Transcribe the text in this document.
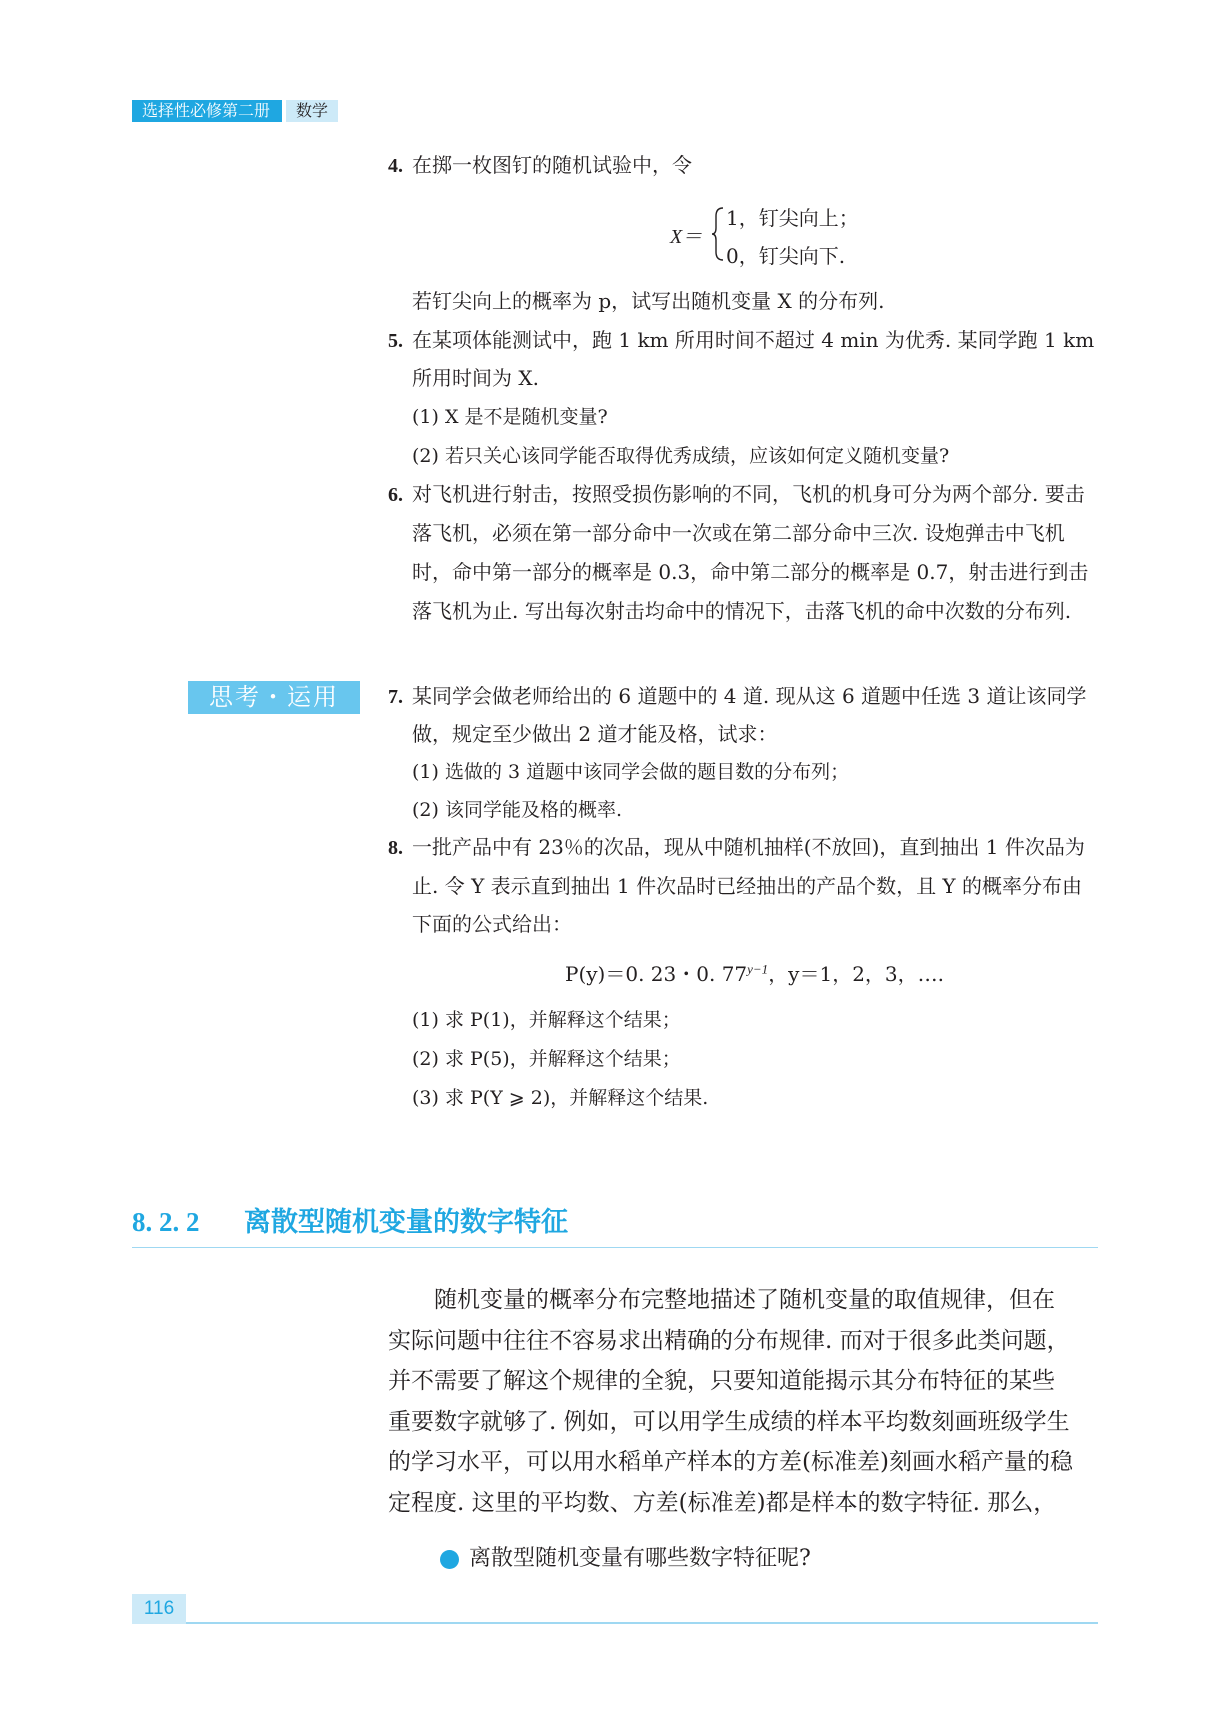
选择性必修第二册	数学
4. 在掷一枚图钉的随机试验中，令
X＝
1，钉尖向上；
0，钉尖向下.
若钉尖向上的概率为 p，试写出随机变量 X 的分布列.
5. 在某项体能测试中，跑 1 km 所用时间不超过 4 min 为优秀. 某同学跑 1 km
所用时间为 X.
(1) X 是不是随机变量?
(2) 若只关心该同学能否取得优秀成绩，应该如何定义随机变量?
6. 对飞机进行射击，按照受损伤影响的不同，飞机的机身可分为两个部分. 要击
落飞机，必须在第一部分命中一次或在第二部分命中三次. 设炮弹击中飞机
时，命中第一部分的概率是 0.3，命中第二部分的概率是 0.7，射击进行到击
落飞机为止. 写出每次射击均命中的情况下，击落飞机的命中次数的分布列.
思考・运用	7. 某同学会做老师给出的 6 道题中的 4 道. 现从这 6 道题中任选 3 道让该同学
做，规定至少做出 2 道才能及格，试求：
(1) 选做的 3 道题中该同学会做的题目数的分布列；
(2) 该同学能及格的概率.
8. 一批产品中有 23％的次品，现从中随机抽样(不放回)，直到抽出 1 件次品为
止. 令 Y 表示直到抽出 1 件次品时已经抽出的产品个数，且 Y 的概率分布由
下面的公式给出：
P(y)＝0. 23・0. $77^{y-1}$，y＝1，2，3，….
(1) 求 P(1)，并解释这个结果；
(2) 求 P(5)，并解释这个结果；
(3) 求 P(Y ⩾ 2)，并解释这个结果.
8. 2. 2 离散型随机变量的数字特征
　　随机变量的概率分布完整地描述了随机变量的取值规律，但在
实际问题中往往不容易求出精确的分布规律. 而对于很多此类问题，
并不需要了解这个规律的全貌，只要知道能揭示其分布特征的某些
重要数字就够了. 例如，可以用学生成绩的样本平均数刻画班级学生
的学习水平，可以用水稻单产样本的方差(标准差)刻画水稻产量的稳
定程度. 这里的平均数、方差(标准差)都是样本的数字特征. 那么，
离散型随机变量有哪些数字特征呢?
116
